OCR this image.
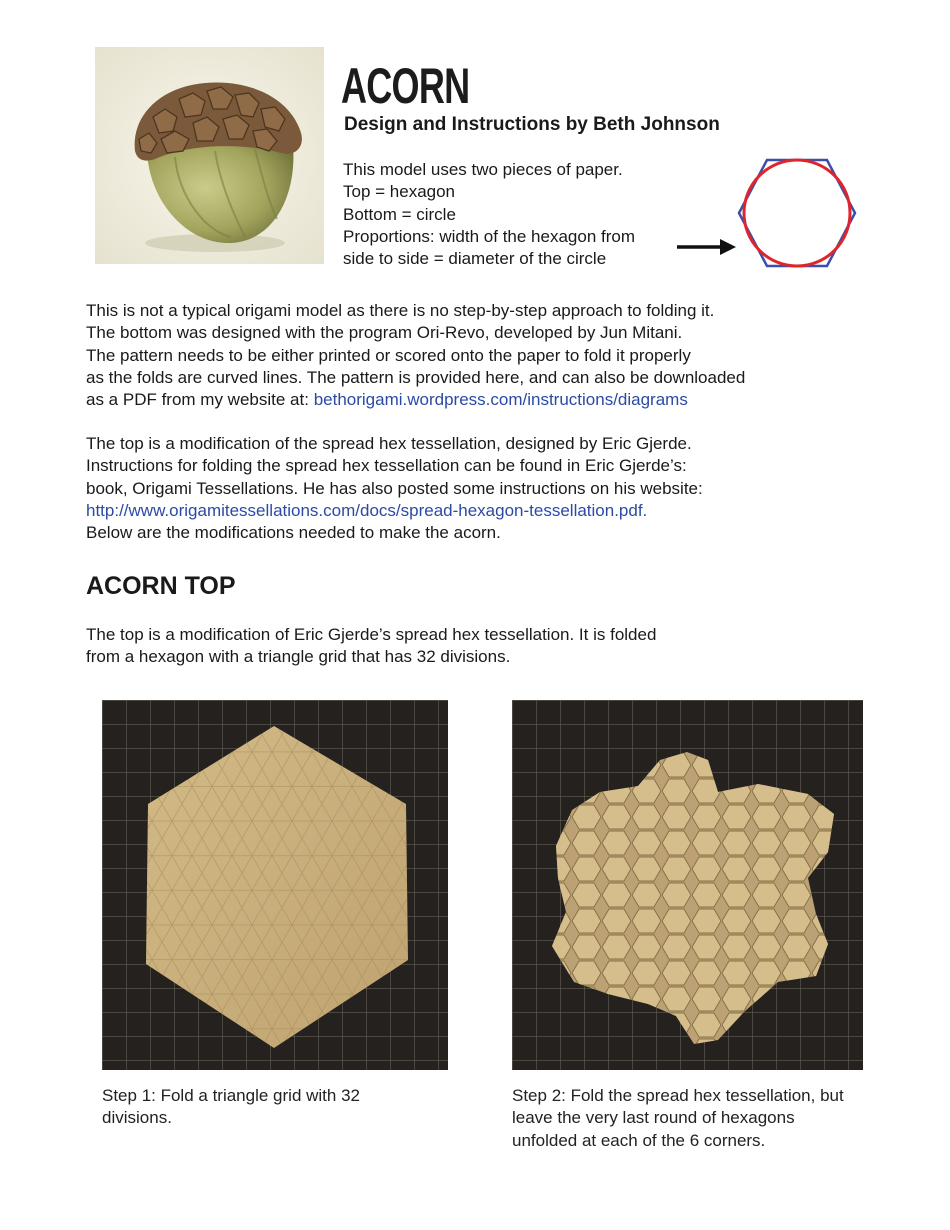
ACORN
Design and Instructions by Beth Johnson
This model uses two pieces of paper.
Top = hexagon
Bottom = circle
Proportions: width of the hexagon from
side to side = diameter of the circle
This is not a typical origami model as there is no step-by-step approach to folding it.
The bottom was designed with the program Ori-Revo, developed by Jun Mitani.
The pattern needs to be either printed or scored onto the paper to fold it properly
as the folds are curved lines. The pattern is provided here, and can also be downloaded
as a PDF from my website at: bethorigami.wordpress.com/instructions/diagrams
The top is a modification of the spread hex tessellation, designed by Eric Gjerde.
Instructions for folding the spread hex tessellation can be found in Eric Gjerde’s:
book, Origami Tessellations. He has also posted some instructions on his website:
http://www.origamitessellations.com/docs/spread-hexagon-tessellation.pdf.
Below are the modifications needed to make the acorn.
ACORN TOP
The top is a modification of Eric Gjerde’s spread hex tessellation. It is folded
from a hexagon with a triangle grid that has 32 divisions.
Step 1: Fold a triangle grid with 32 divisions.
Step 2: Fold the spread hex tessellation, but leave the very last round of hexagons unfolded at each of the 6 corners.
